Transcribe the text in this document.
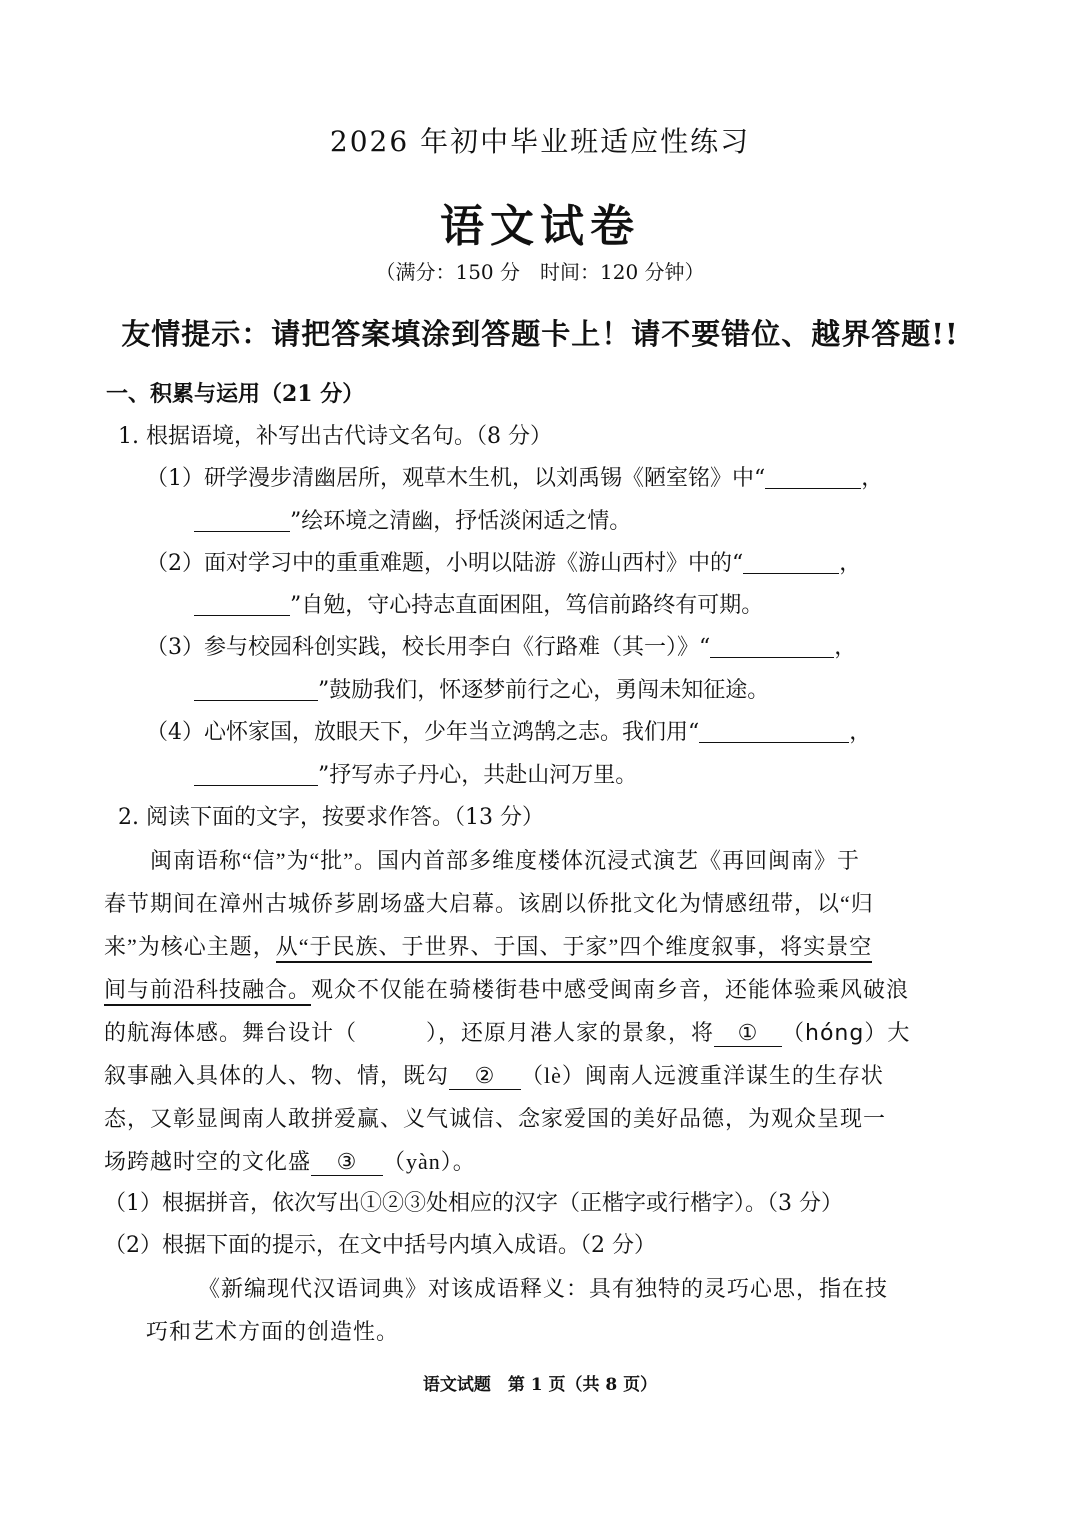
2026 年初中毕业班适应性练习
语文试卷
（满分：150 分　时间：120 分钟）
友情提示：请把答案填涂到答题卡上！请不要错位、越界答题!!
一、积累与运用（21 分）
1. 根据语境，补写出古代诗文名句。（8 分）
（1）研学漫步清幽居所，观草木生机，以刘禹锡《陋室铭》中“	，
”绘环境之清幽，抒恬淡闲适之情。
（2）面对学习中的重重难题，小明以陆游《游山西村》中的“	，
”自勉，守心持志直面困阻，笃信前路终有可期。
（3）参与校园科创实践，校长用李白《行路难（其一）》“	，
”鼓励我们，怀逐梦前行之心，勇闯未知征途。
（4）心怀家国，放眼天下，少年当立鸿鹄之志。我们用“	，
”抒写赤子丹心，共赴山河万里。
2. 阅读下面的文字，按要求作答。（13 分）
闽南语称“信”为“批”。国内首部多维度楼体沉浸式演艺《再回闽南》于
春节期间在漳州古城侨芗剧场盛大启幕。该剧以侨批文化为情感纽带，以“归
来”为核心主题，从“于民族、于世界、于国、于家”四个维度叙事，将实景空
间与前沿科技融合。观众不仅能在骑楼街巷中感受闽南乡音，还能体验乘风破浪
的航海体感。舞台设计（　　　），还原月港人家的景象，将 ① （hóng）大
叙事融入具体的人、物、情，既勾 ② （lè）闽南人远渡重洋谋生的生存状
态，又彰显闽南人敢拼爱赢、义气诚信、念家爱国的美好品德，为观众呈现一
场跨越时空的文化盛 ③ （yàn）。
（1）根据拼音，依次写出①②③处相应的汉字（正楷字或行楷字）。（3 分）
（2）根据下面的提示，在文中括号内填入成语。（2 分）
《新编现代汉语词典》对该成语释义：具有独特的灵巧心思，指在技
巧和艺术方面的创造性。
语文试题　第 1 页（共 8 页）
